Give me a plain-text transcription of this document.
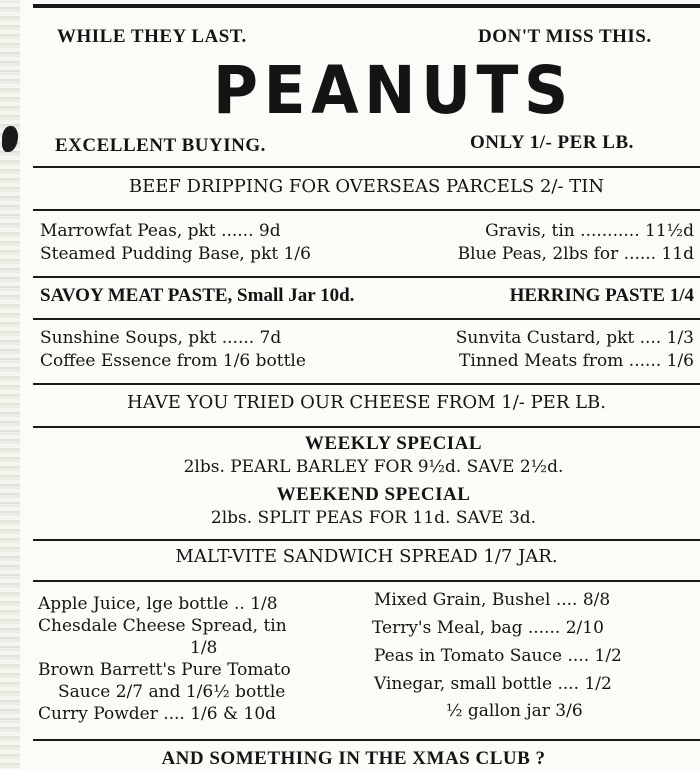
WHILE THEY LAST.	DON'T MISS THIS.
PEANUTS
EXCELLENT BUYING.	ONLY 1/- PER LB.
BEEF DRIPPING FOR OVERSEAS PARCELS 2/- TIN
Marrowfat Peas, pkt ...... 9d	Gravis, tin ........... 11½d
Steamed Pudding Base, pkt 1/6	Blue Peas, 2lbs for ...... 11d
SAVOY MEAT PASTE, Small Jar 10d.	HERRING PASTE 1/4
Sunshine Soups, pkt ...... 7d	Sunvita Custard, pkt .... 1/3
Coffee Essence from 1/6 bottle	Tinned Meats from ...... 1/6
HAVE YOU TRIED OUR CHEESE FROM 1/- PER LB.
WEEKLY SPECIAL
2lbs. PEARL BARLEY FOR 9½d. SAVE 2½d.
WEEKEND SPECIAL
2lbs. SPLIT PEAS FOR 11d. SAVE 3d.
MALT-VITE SANDWICH SPREAD 1/7 JAR.
Apple Juice, lge bottle .. 1/8
Chesdale Cheese Spread, tin
1/8
Brown Barrett's Pure Tomato
Sauce 2/7 and 1/6½ bottle
Curry Powder .... 1/6 & 10d
Mixed Grain, Bushel .... 8/8
Terry's Meal, bag ...... 2/10
Peas in Tomato Sauce .... 1/2
Vinegar, small bottle .... 1/2
½ gallon jar 3/6
AND SOMETHING IN THE XMAS CLUB ?
